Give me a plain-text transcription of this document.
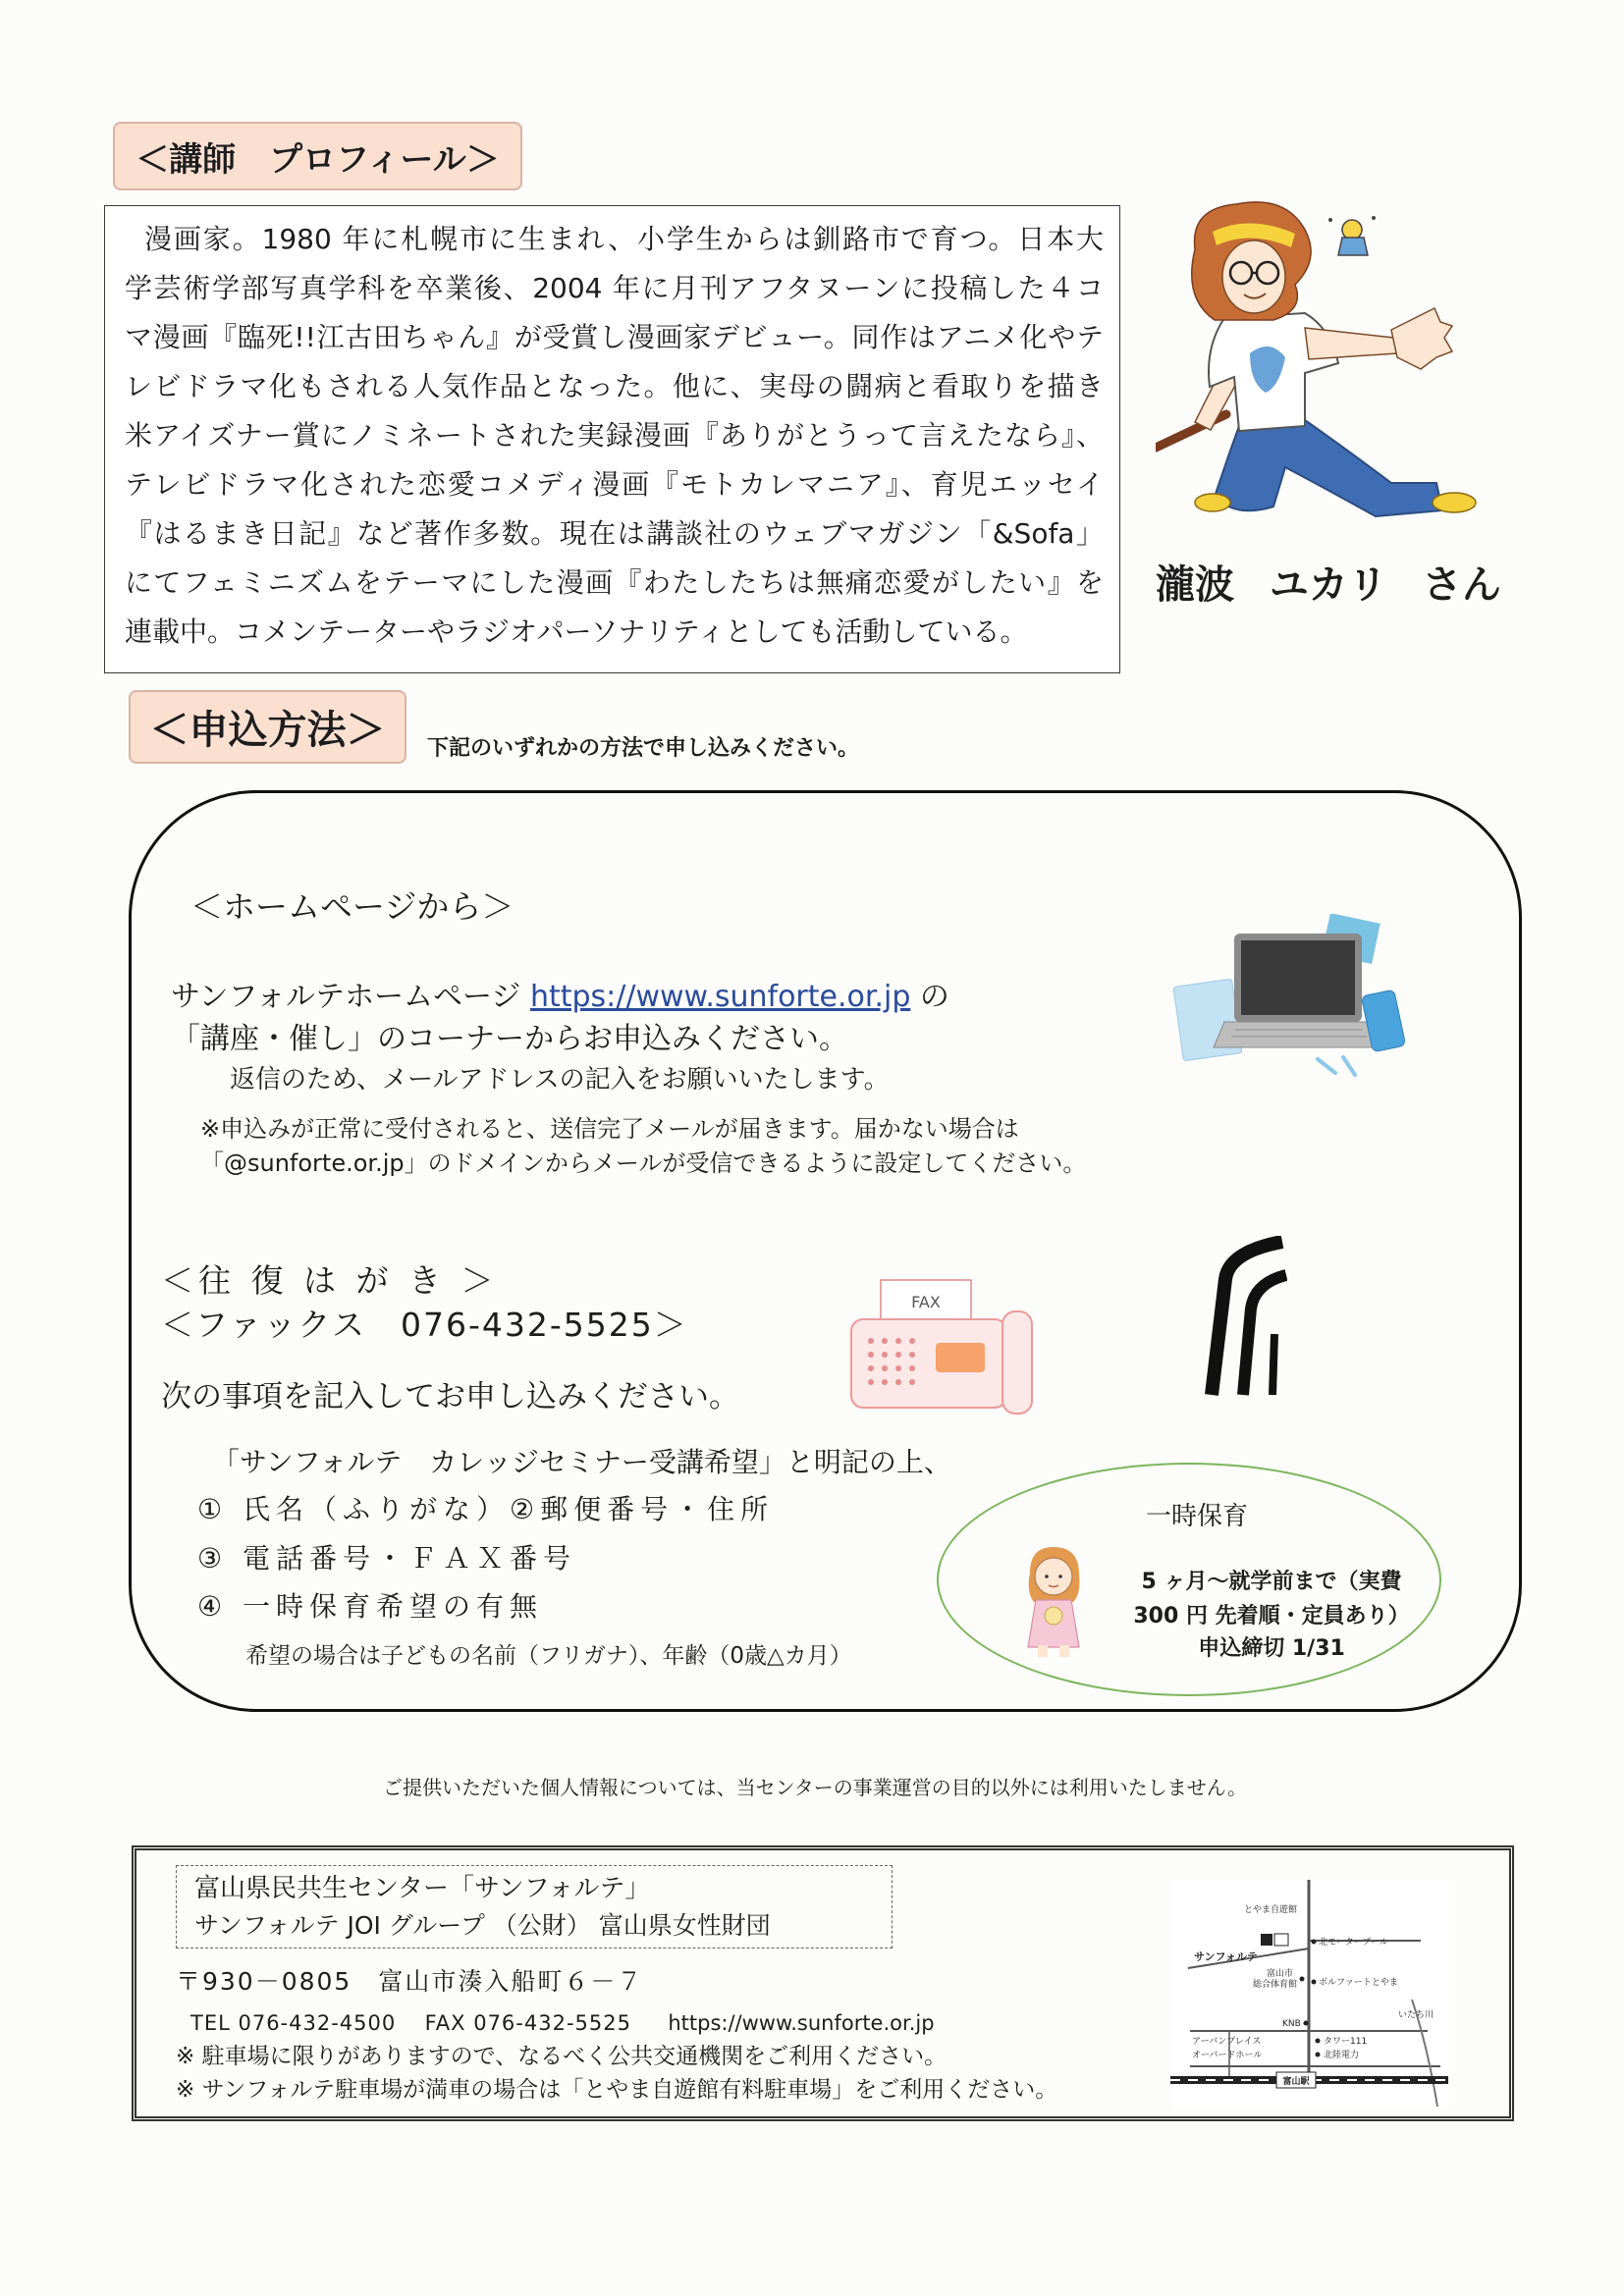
＜講師　プロフィール＞
漫画家。1980 年に札幌市に生まれ、小学生からは釧路市で育つ。日本大
学芸術学部写真学科を卒業後、2004 年に月刊アフタヌーンに投稿した４コ
マ漫画『臨死!!江古田ちゃん』が受賞し漫画家デビュー。同作はアニメ化やテ
レビドラマ化もされる人気作品となった。他に、実母の闘病と看取りを描き
米アイズナー賞にノミネートされた実録漫画『ありがとうって言えたなら』、
テレビドラマ化された恋愛コメディ漫画『モトカレマニア』、育児エッセイ
『はるまき日記』など著作多数。現在は講談社のウェブマガジン「&Sofa」
にてフェミニズムをテーマにした漫画『わたしたちは無痛恋愛がしたい』を
連載中。コメンテーターやラジオパーソナリティとしても活動している。
瀧波 ユカリ さん
＜申込方法＞ 下記のいずれかの方法で申し込みください。
＜ホームページから＞
サンフォルテホームページ https://www.sunforte.or.jp の
「講座・催し」のコーナーからお申込みください。
返信のため、メールアドレスの記入をお願いいたします。
※申込みが正常に受付されると、送信完了メールが届きます。届かない場合は
「@sunforte.or.jp」のドメインからメールが受信できるように設定してください。
＜往 復 は が き ＞
＜ファックス　076-432-5525＞
次の事項を記入してお申し込みください。
FAX
「サンフォルテ　カレッジセミナー受講希望」と明記の上、
① 氏名（ふりがな）②郵便番号・住所
③ 電話番号・ＦＡＸ番号
④ 一時保育希望の有無
希望の場合は子どもの名前（フリガナ）、年齢（0歳△カ月）
一時保育
5 ヶ月～就学前まで（実費
300 円 先着順・定員あり）
申込締切 1/31
ご提供いただいた個人情報については、当センターの事業運営の目的以外には利用いたしません。
富山県民共生センター「サンフォルテ」
サンフォルテ JOI グループ （公財） 富山県女性財団
〒930－0805　富山市湊入船町６－７
TEL 076-432-4500 FAX 076-432-5525 https://www.sunforte.or.jp
※ 駐車場に限りがありますので、なるべく公共交通機関をご利用ください。
※ サンフォルテ駐車場が満車の場合は「とやま自遊館有料駐車場」をご利用ください。
とやま自遊館
サンフォルテ
北モータープール
富山市
総合体育館 ボルファートとやま
KNB
いたち川
アーバンプレイス
オーバードホール
タワー111
北陸電力
富山駅
